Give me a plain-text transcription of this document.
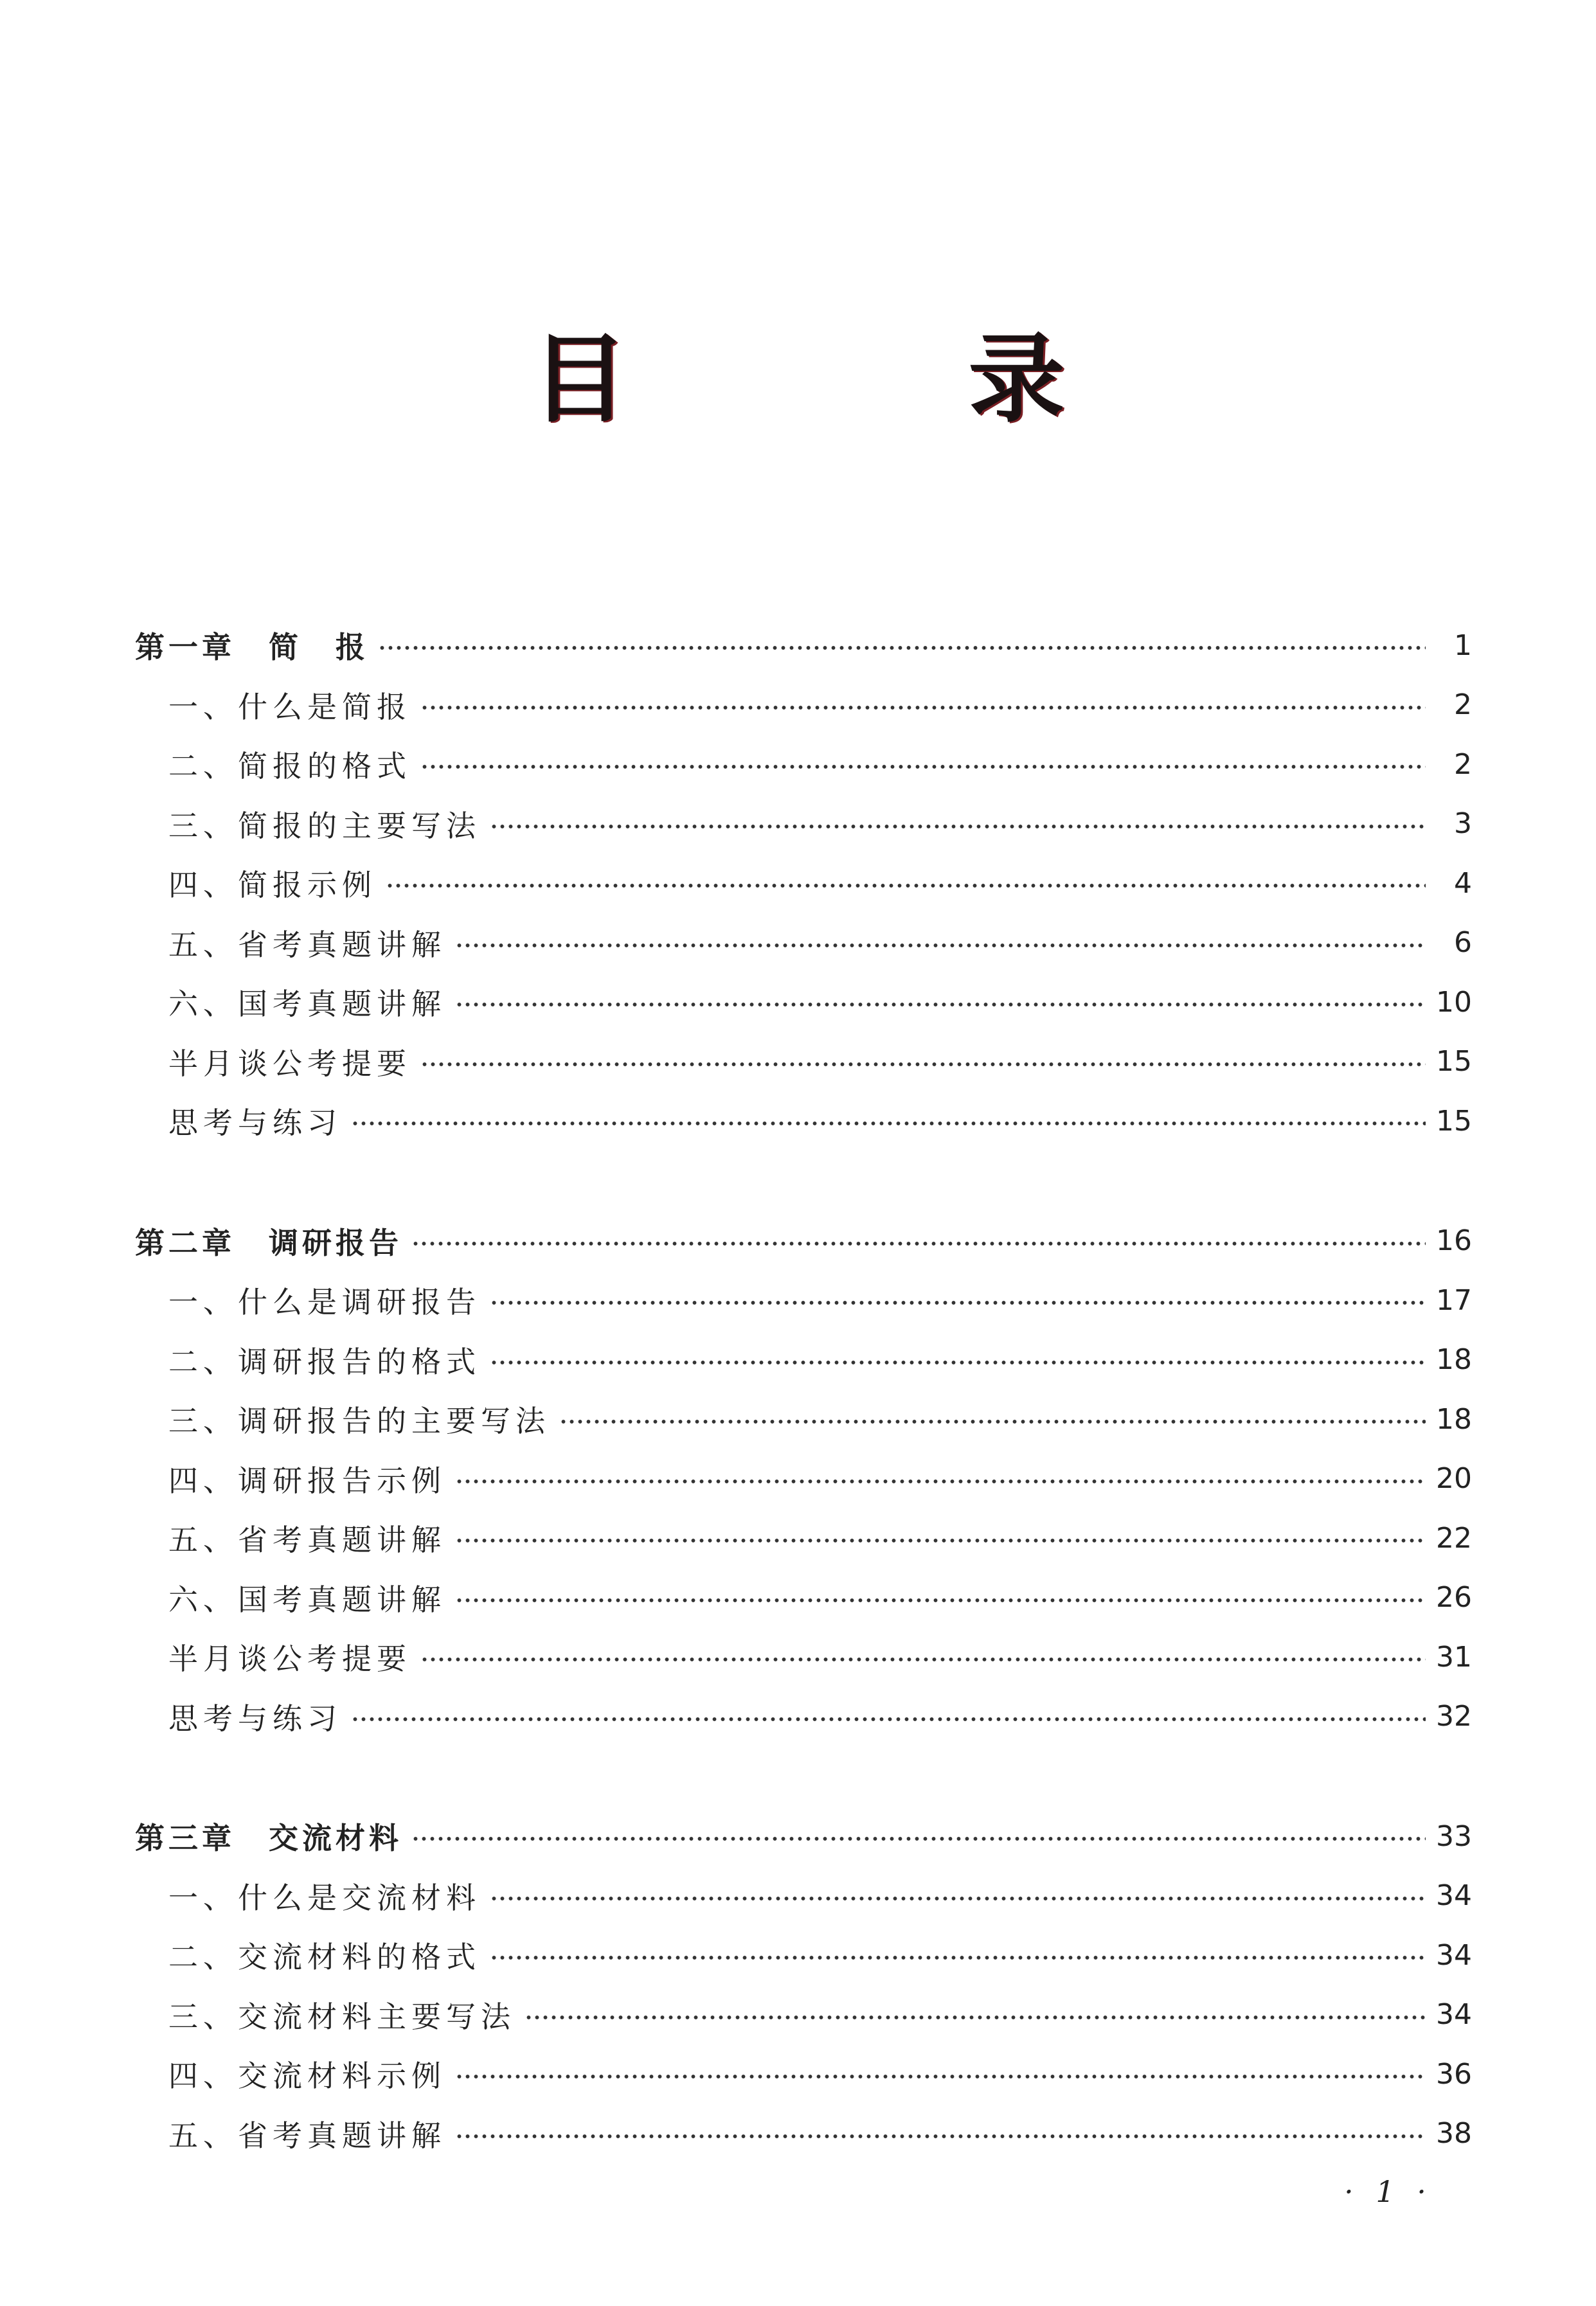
目　录
第一章　简　报	1
一、什么是简报	2
二、简报的格式	2
三、简报的主要写法	3
四、简报示例	4
五、省考真题讲解	6
六、国考真题讲解	10
半月谈公考提要	15
思考与练习	15
第二章　调研报告	16
一、什么是调研报告	17
二、调研报告的格式	18
三、调研报告的主要写法	18
四、调研报告示例	20
五、省考真题讲解	22
六、国考真题讲解	26
半月谈公考提要	31
思考与练习	32
第三章　交流材料	33
一、什么是交流材料	34
二、交流材料的格式	34
三、交流材料主要写法	34
四、交流材料示例	36
五、省考真题讲解	38
· 1 ·
